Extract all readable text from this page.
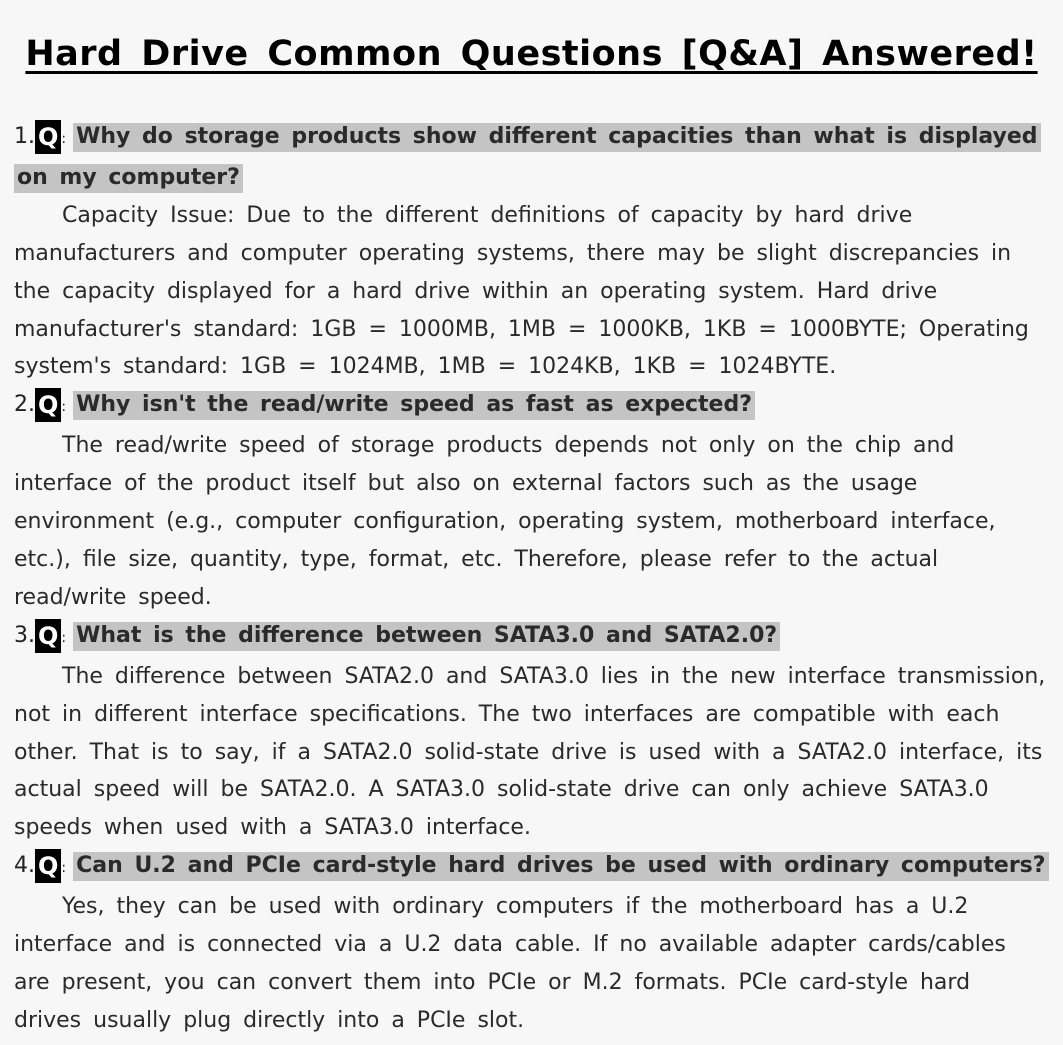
Hard Drive Common Questions [Q&A] Answered!
1. Q : Why do storage products show different capacities than what is displayed on my computer?

Capacity Issue: Due to the different definitions of capacity by hard drive manufacturers and computer operating systems, there may be slight discrepancies in the capacity displayed for a hard drive within an operating system. Hard drive manufacturer's standard: 1GB = 1000MB, 1MB = 1000KB, 1KB = 1000BYTE; Operating system's standard: 1GB = 1024MB, 1MB = 1024KB, 1KB = 1024BYTE.

2. Q : Why isn't the read/write speed as fast as expected?

The read/write speed of storage products depends not only on the chip and interface of the product itself but also on external factors such as the usage environment (e.g., computer configuration, operating system, motherboard interface, etc.), file size, quantity, type, format, etc. Therefore, please refer to the actual read/write speed.

3. Q : What is the difference between SATA3.0 and SATA2.0?

The difference between SATA2.0 and SATA3.0 lies in the new interface transmission, not in different interface specifications. The two interfaces are compatible with each other. That is to say, if a SATA2.0 solid-state drive is used with a SATA2.0 interface, its actual speed will be SATA2.0. A SATA3.0 solid-state drive can only achieve SATA3.0 speeds when used with a SATA3.0 interface.

4. Q : Can U.2 and PCIe card-style hard drives be used with ordinary computers?

Yes, they can be used with ordinary computers if the motherboard has a U.2 interface and is connected via a U.2 data cable. If no available adapter cards/cables are present, you can convert them into PCIe or M.2 formats. PCIe card-style hard drives usually plug directly into a PCIe slot.
